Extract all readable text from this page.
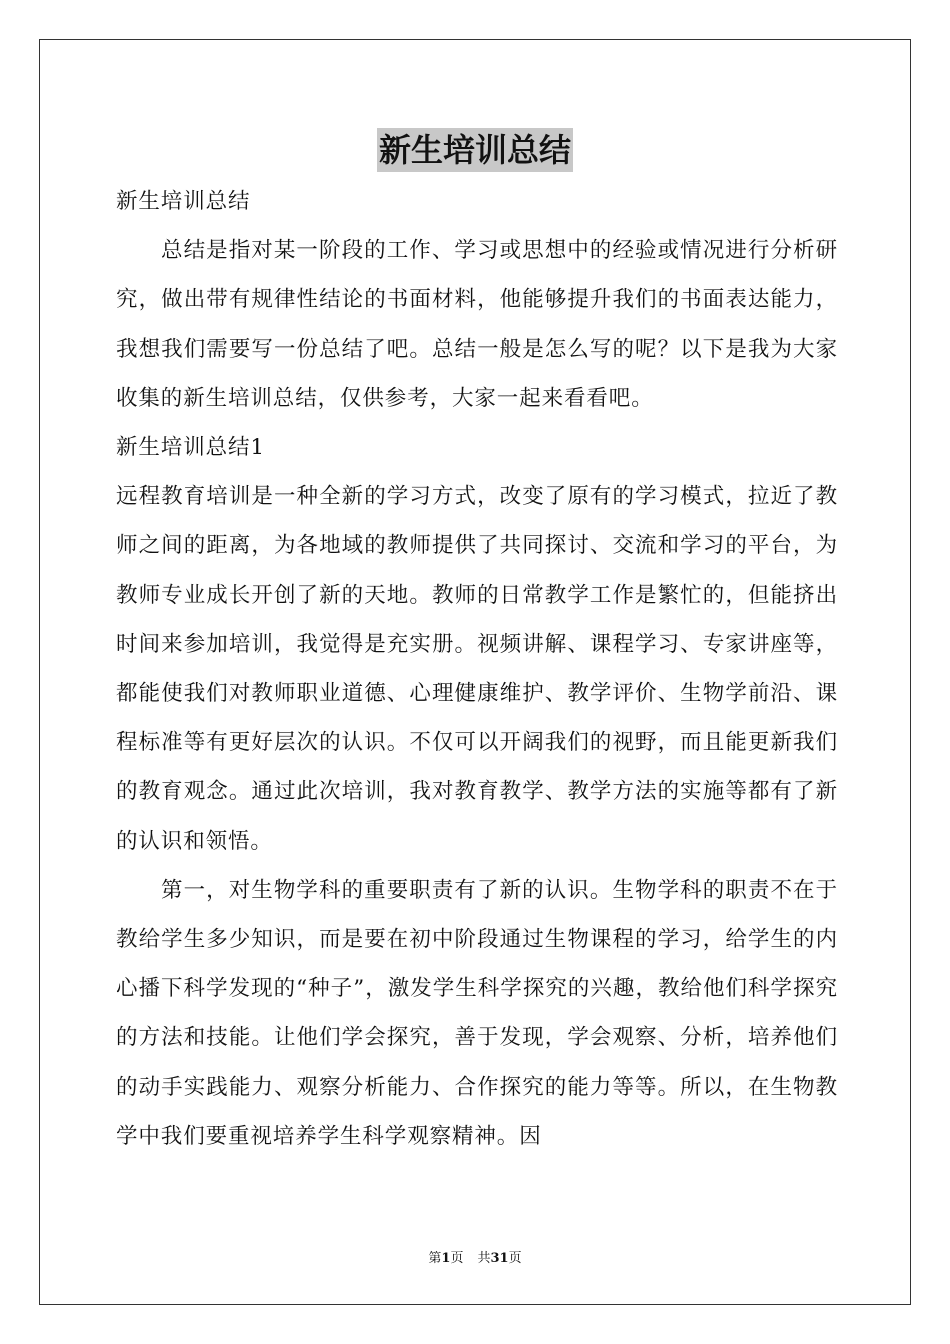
新生培训总结

新生培训总结

总结是指对某一阶段的工作、学习或思想中的经验或情况进行分析研究，做出带有规律性结论的书面材料，他能够提升我们的书面表达能力，我想我们需要写一份总结了吧。总结一般是怎么写的呢？以下是我为大家收集的新生培训总结，仅供参考，大家一起来看看吧。

新生培训总结1

远程教育培训是一种全新的学习方式，改变了原有的学习模式，拉近了教师之间的距离，为各地域的教师提供了共同探讨、交流和学习的平台，为教师专业成长开创了新的天地。教师的日常教学工作是繁忙的，但能挤出时间来参加培训，我觉得是充实册。视频讲解、课程学习、专家讲座等，都能使我们对教师职业道德、心理健康维护、教学评价、生物学前沿、课程标准等有更好层次的认识。不仅可以开阔我们的视野，而且能更新我们的教育观念。通过此次培训，我对教育教学、教学方法的实施等都有了新的认识和领悟。

第一，对生物学科的重要职责有了新的认识。生物学科的职责不在于教给学生多少知识，而是要在初中阶段通过生物课程的学习，给学生的内心播下科学发现的“种子”，激发学生科学探究的兴趣，教给他们科学探究的方法和技能。让他们学会探究，善于发现，学会观察、分析，培养他们的动手实践能力、观察分析能力、合作探究的能力等等。所以，在生物教学中我们要重视培养学生科学观察精神。因

第1页 共31页
